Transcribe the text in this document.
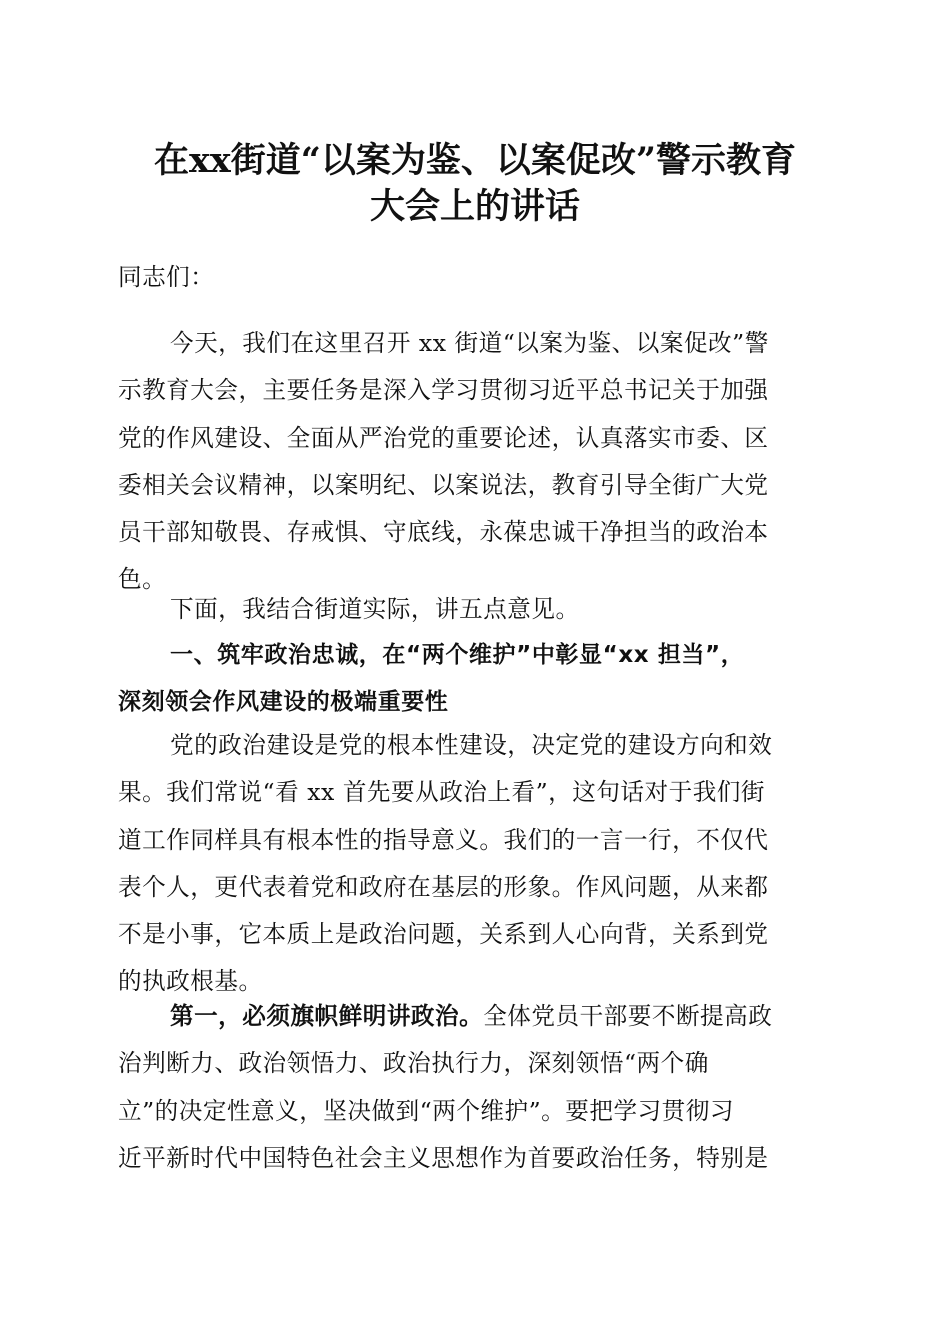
在xx街道“以案为鉴、以案促改”警示教育
大会上的讲话
同志们：
今天，我们在这里召开 xx 街道“以案为鉴、以案促改”警
示教育大会，主要任务是深入学习贯彻习近平总书记关于加强
党的作风建设、全面从严治党的重要论述，认真落实市委、区
委相关会议精神，以案明纪、以案说法，教育引导全街广大党
员干部知敬畏、存戒惧、守底线，永葆忠诚干净担当的政治本
色。
下面，我结合街道实际，讲五点意见。
一、筑牢政治忠诚，在“两个维护”中彰显“xx 担当”，
深刻领会作风建设的极端重要性
党的政治建设是党的根本性建设，决定党的建设方向和效
果。我们常说“看 xx 首先要从政治上看”，这句话对于我们街
道工作同样具有根本性的指导意义。我们的一言一行，不仅代
表个人，更代表着党和政府在基层的形象。作风问题，从来都
不是小事，它本质上是政治问题，关系到人心向背，关系到党
的执政根基。
第一，必须旗帜鲜明讲政治。全体党员干部要不断提高政
治判断力、政治领悟力、政治执行力，深刻领悟“两个确
立”的决定性意义，坚决做到“两个维护”。要把学习贯彻习
近平新时代中国特色社会主义思想作为首要政治任务，特别是
